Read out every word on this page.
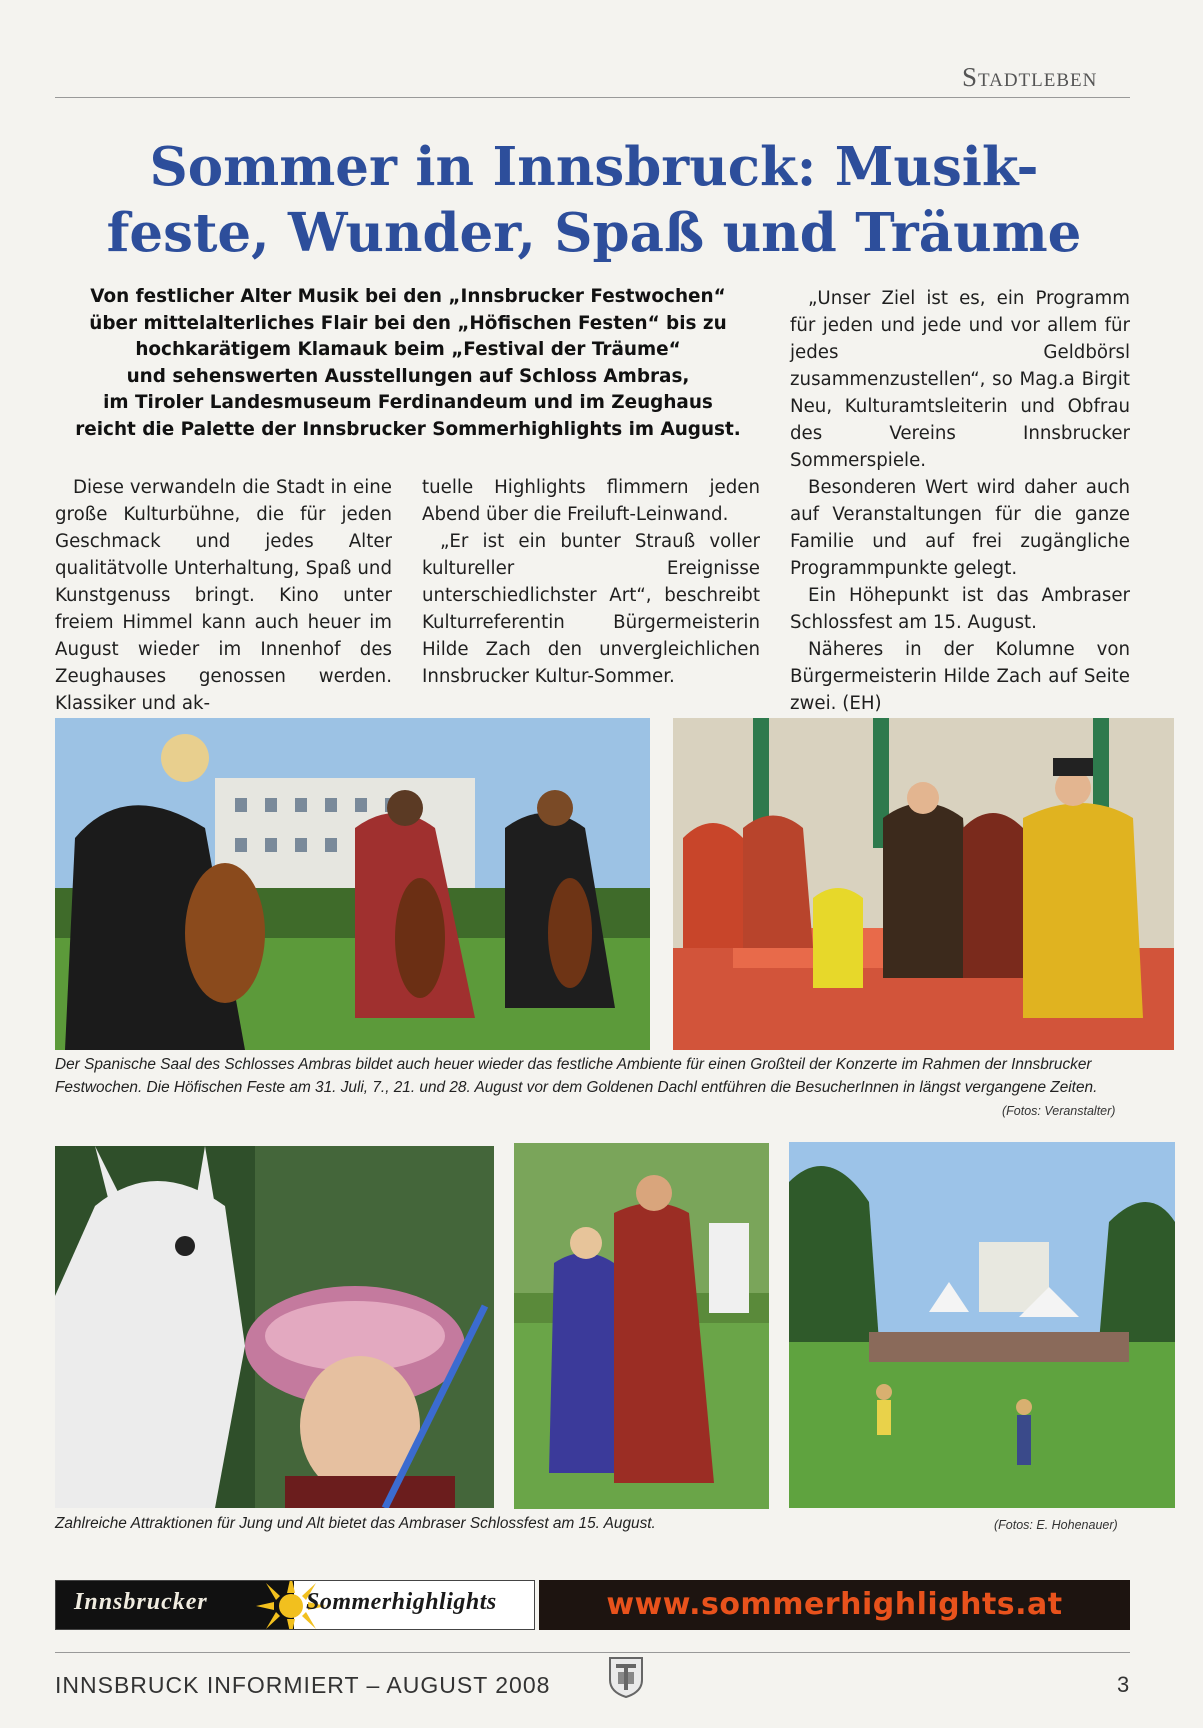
Stadtleben
Sommer in Innsbruck: Musik-
feste, Wunder, Spaß und Träume
Von festlicher Alter Musik bei den „Innsbrucker Festwochen“
über mittelalterliches Flair bei den „Höfischen Festen“ bis zu
hochkarätigem Klamauk beim „Festival der Träume“
und sehenswerten Ausstellungen auf Schloss Ambras,
im Tiroler Landesmuseum Ferdinandeum und im Zeughaus
reicht die Palette der Innsbrucker Sommerhighlights im August.

Diese verwandeln die Stadt in eine große Kulturbühne, die für jeden Geschmack und jedes Alter qualitätvolle Unterhaltung, Spaß und Kunstgenuss bringt. Kino unter freiem Himmel kann auch heuer im August wieder im Innenhof des Zeughauses genossen werden. Klassiker und ak-

tuelle Highlights flimmern jeden Abend über die Freiluft-Leinwand.

„Er ist ein bunter Strauß voller kultureller Ereignisse unterschiedlichster Art“, beschreibt Kulturreferentin Bürgermeisterin Hilde Zach den unvergleichlichen Innsbrucker Kultur-Sommer.

„Unser Ziel ist es, ein Programm für jeden und jede und vor allem für jedes Geldbörsl zusammenzustellen“, so Mag.a Birgit Neu, Kulturamtsleiterin und Obfrau des Vereins Innsbrucker Sommerspiele.

Besonderen Wert wird daher auch auf Veranstaltungen für die ganze Familie und auf frei zugängliche Programmpunkte gelegt.

Ein Höhepunkt ist das Ambraser Schlossfest am 15. August.

Näheres in der Kolumne von Bürgermeisterin Hilde Zach auf Seite zwei. (EH)

Der Spanische Saal des Schlosses Ambras bildet auch heuer wieder das festliche Ambiente für einen Großteil der Konzerte im Rahmen der Innsbrucker Festwochen. Die Höfischen Feste am 31. Juli, 7., 21. und 28. August vor dem Goldenen Dachl entführen die BesucherInnen in längst vergangene Zeiten.
(Fotos: Veranstalter)
Zahlreiche Attraktionen für Jung und Alt bietet das Ambraser Schlossfest am 15. August.	(Fotos: E. Hohenauer)
Innsbrucker	Sommerhighlights	www.sommerhighlights.at
INNSBRUCK INFORMIERT – AUGUST 2008	3
